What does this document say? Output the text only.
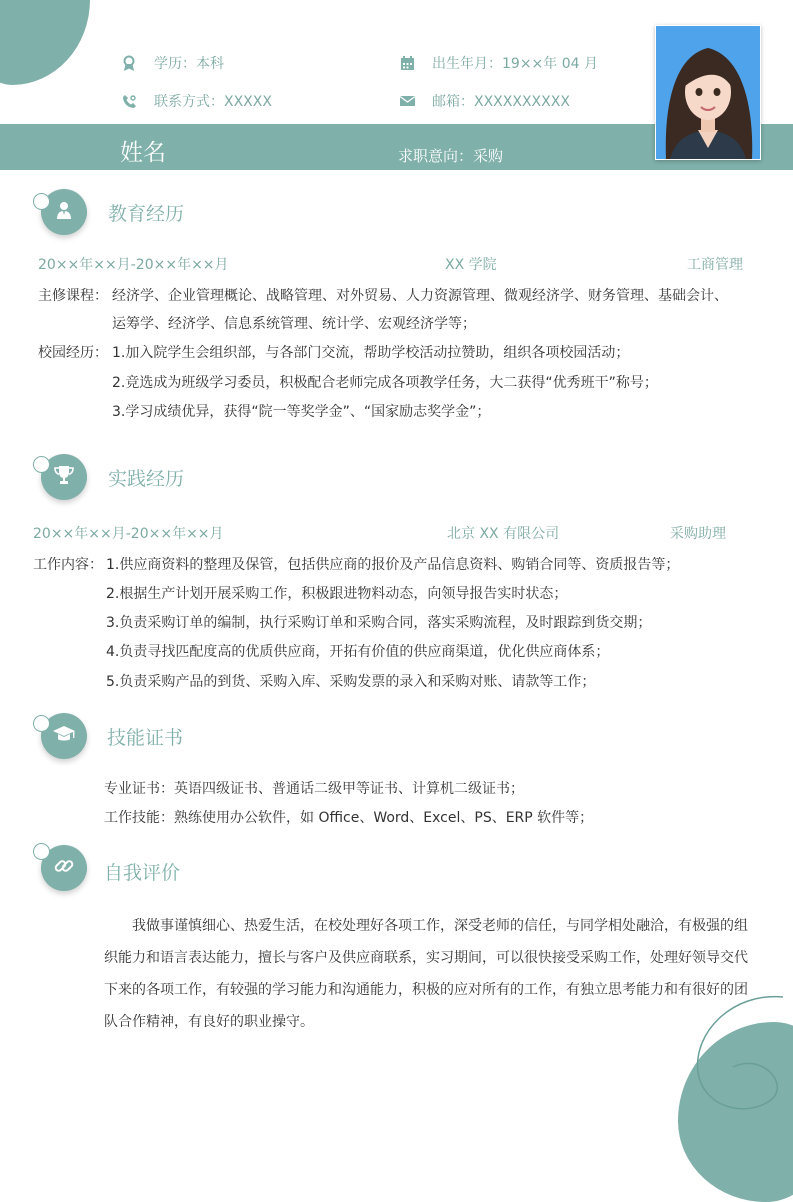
学历：本科	出生年月：19××年 04 月
联系方式：XXXXX	邮箱：XXXXXXXXXX
姓名	求职意向：采购
教育经历
20××年××月-20××年××月	XX 学院	工商管理
主修课程： 经济学、企业管理概论、战略管理、对外贸易、人力资源管理、微观经济学、财务管理、基础会计、
运筹学、经济学、信息系统管理、统计学、宏观经济学等；
校园经历： 1.加入院学生会组织部，与各部门交流，帮助学校活动拉赞助，组织各项校园活动；
2.竞选成为班级学习委员，积极配合老师完成各项教学任务，大二获得“优秀班干”称号；
3.学习成绩优异，获得“院一等奖学金”、“国家励志奖学金”；
实践经历
20××年××月-20××年××月	北京 XX 有限公司	采购助理
工作内容： 1.供应商资料的整理及保管，包括供应商的报价及产品信息资料、购销合同等、资质报告等；
2.根据生产计划开展采购工作，积极跟进物料动态，向领导报告实时状态；
3.负责采购订单的编制，执行采购订单和采购合同，落实采购流程，及时跟踪到货交期；
4.负责寻找匹配度高的优质供应商，开拓有价值的供应商渠道，优化供应商体系；
5.负责采购产品的到货、采购入库、采购发票的录入和采购对账、请款等工作；
技能证书
专业证书：英语四级证书、普通话二级甲等证书、计算机二级证书；
工作技能：熟练使用办公软件，如 Office、Word、Excel、PS、ERP 软件等；
自我评价
我做事谨慎细心、热爱生活，在校处理好各项工作，深受老师的信任，与同学相处融洽，有极强的组织能力和语言表达能力，擅长与客户及供应商联系，实习期间，可以很快接受采购工作，处理好领导交代下来的各项工作，有较强的学习能力和沟通能力，积极的应对所有的工作，有独立思考能力和有很好的团队合作精神，有良好的职业操守。
